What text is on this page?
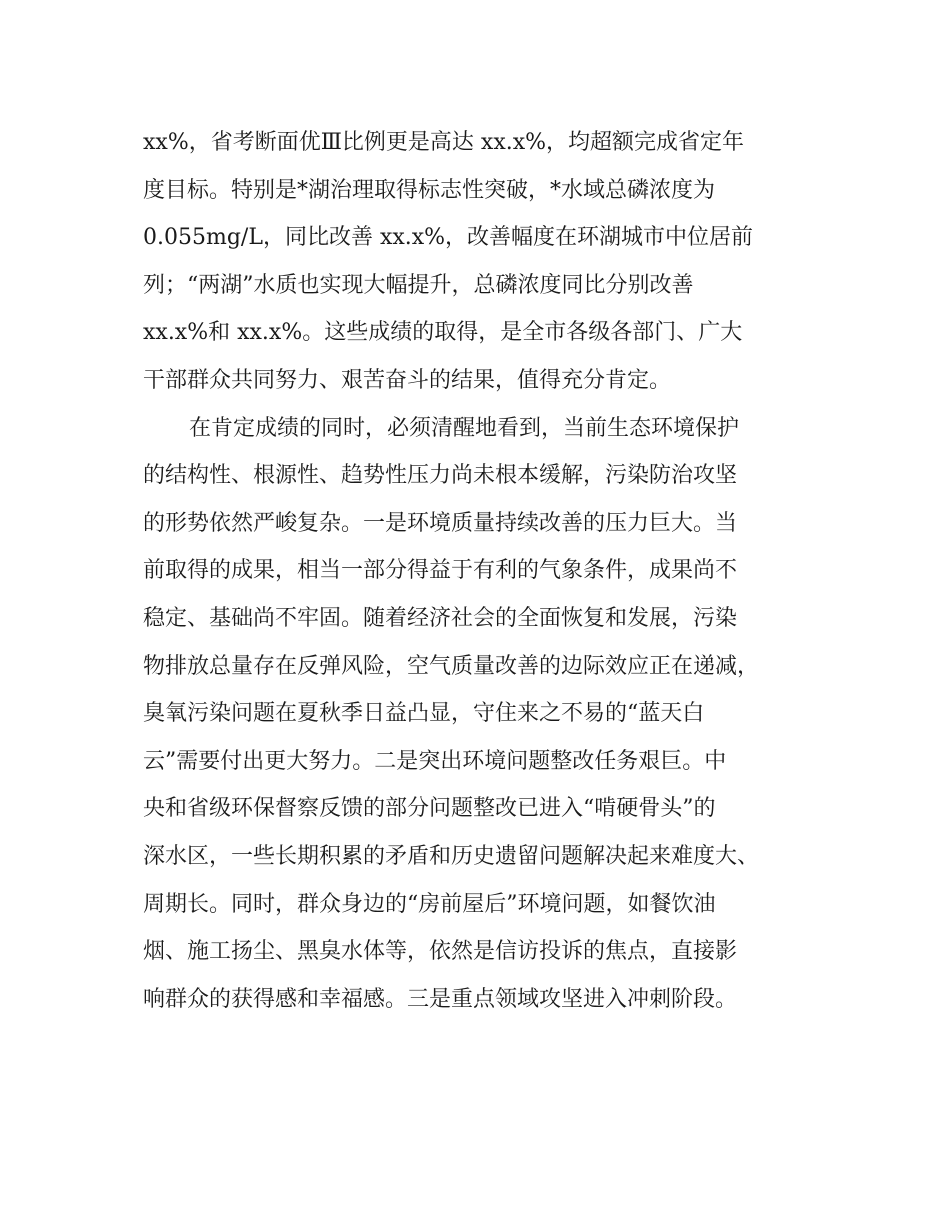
xx%，省考断面优Ⅲ比例更是高达 xx.x%，均超额完成省定年
度目标。特别是*湖治理取得标志性突破，*水域总磷浓度为
0.055mg/L，同比改善 xx.x%，改善幅度在环湖城市中位居前
列；“两湖”水质也实现大幅提升，总磷浓度同比分别改善
xx.x%和 xx.x%。这些成绩的取得，是全市各级各部门、广大
干部群众共同努力、艰苦奋斗的结果，值得充分肯定。
在肯定成绩的同时，必须清醒地看到，当前生态环境保护
的结构性、根源性、趋势性压力尚未根本缓解，污染防治攻坚
的形势依然严峻复杂。一是环境质量持续改善的压力巨大。当
前取得的成果，相当一部分得益于有利的气象条件，成果尚不
稳定、基础尚不牢固。随着经济社会的全面恢复和发展，污染
物排放总量存在反弹风险，空气质量改善的边际效应正在递减，
臭氧污染问题在夏秋季日益凸显，守住来之不易的“蓝天白
云”需要付出更大努力。二是突出环境问题整改任务艰巨。中
央和省级环保督察反馈的部分问题整改已进入“啃硬骨头”的
深水区，一些长期积累的矛盾和历史遗留问题解决起来难度大、
周期长。同时，群众身边的“房前屋后”环境问题，如餐饮油
烟、施工扬尘、黑臭水体等，依然是信访投诉的焦点，直接影
响群众的获得感和幸福感。三是重点领域攻坚进入冲刺阶段。
